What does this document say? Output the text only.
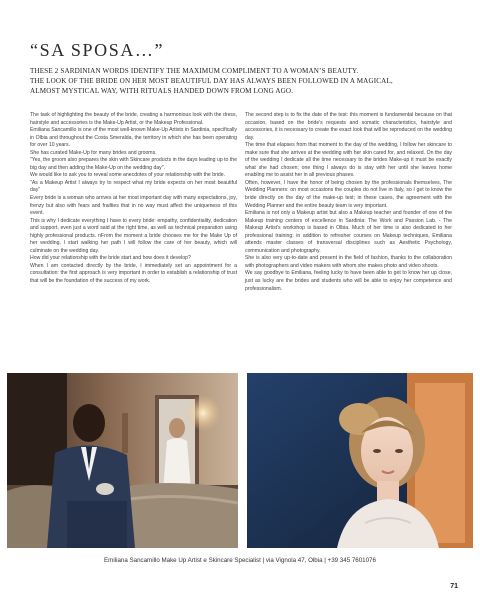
“SA SPOSA…”
THESE 2 SARDINIAN WORDS IDENTIFY THE MAXIMUM COMPLIMENT TO A WOMAN’S BEAUTY.
THE LOOK OF THE BRIDE ON HER MOST BEAUTIFUL DAY HAS ALWAYS BEEN FOLLOWED IN A MAGICAL,
ALMOST MYSTICAL WAY, WITH RITUALS HANDED DOWN FROM LONG AGO.

The task of highlighting the beauty of the bride, creating a harmonious look with the dress, hairstyle and accessories is the Make-Up Artist, or the Makeup Professional.

Emiliana Sancamillo is one of the most well-known Make-Up Artists in Sardinia, specifically in Olbia and throughout the Costa Smeralda, the territory in which she has been operating for over 10 years.

She has curated Make-Up for many brides and grooms.

"Yes, the groom also prepares the skin with Skincare products in the days leading up to the big day and then adding the Make-Up on the wedding day".

We would like to ask you to reveal some anecdotes of your relationship with the bride.

"As a Makeup Artist I always try to respect what my bride expects on her most beautiful day"

Every bride is a woman who arrives at her most important day with many expectations, joy, frenzy but also with fears and frailties that in no way must affect the uniqueness of this event.

This is why I dedicate everything I have to every bride: empathy, confidentiality, dedication and support, even just a word said at the right time, as well as technical preparation using highly professional products. nFrom the moment a bride chooses me for the Make Up of her wedding, I start walking her path I will follow the care of her beauty, which will culminate on the wedding day.

How did your relationship with the bride start and how does it develop?

When I am contacted directly by the bride, I immediately set an appointment for a consultation: the first approach is very important in order to establish a relationship of trust that will be the foundation of the success of my work.

The second step is to fix the date of the test: this moment is fundamental because on that occasion, based on the bride's requests and somatic characteristics, hairstyle and accessories, it is necessary to create the exact look that will be reproduced on the wedding day.

The time that elapses from that moment to the day of the wedding, I follow her skincare to make sure that she arrives at the wedding with her skin cared for, and relaxed. On the day of the wedding I dedicate all the time necessary to the brides Make-up it must be exactly what she had chosen; one thing I always do is stay with her until she leaves home enabling me to assist her in all previous phases.

Often, however, I have the honor of being chosen by the professionals themselves, The Wedding Planners: on most occasions the couples do not live in Italy, so I get to know the bride directly on the day of the make-up test; in these cases, the agreement with the Wedding Planner and the entire beauty team is very important.

Emiliana is not only a Makeup artist but also a Makeup teacher and founder of one of the Makeup training centers of excellence in Sardinia: The Work and Passion Lab. - The Makeup Artist's workshop is based in Olbia. Much of her time is also dedicated to her professional training: in addition to refresher courses on Makeup techniques, Emiliana attends master classes of transversal disciplines such as Aesthetic Psychology, communication and photography.

She is also very up-to-date and present in the field of fashion, thanks to the collaboration with photographers and video makers with whom she makes photo and video shoots.

We say goodbye to Emiliana, feeling lucky to have been able to get to know her up close, just as lucky are the brides and students who will be able to enjoy her competence and professionalism.

Emiliana Sancamillo Make Up Artist e Skincare Specialist | via Vignola 47, Olbia | +39 345 7601076
71
